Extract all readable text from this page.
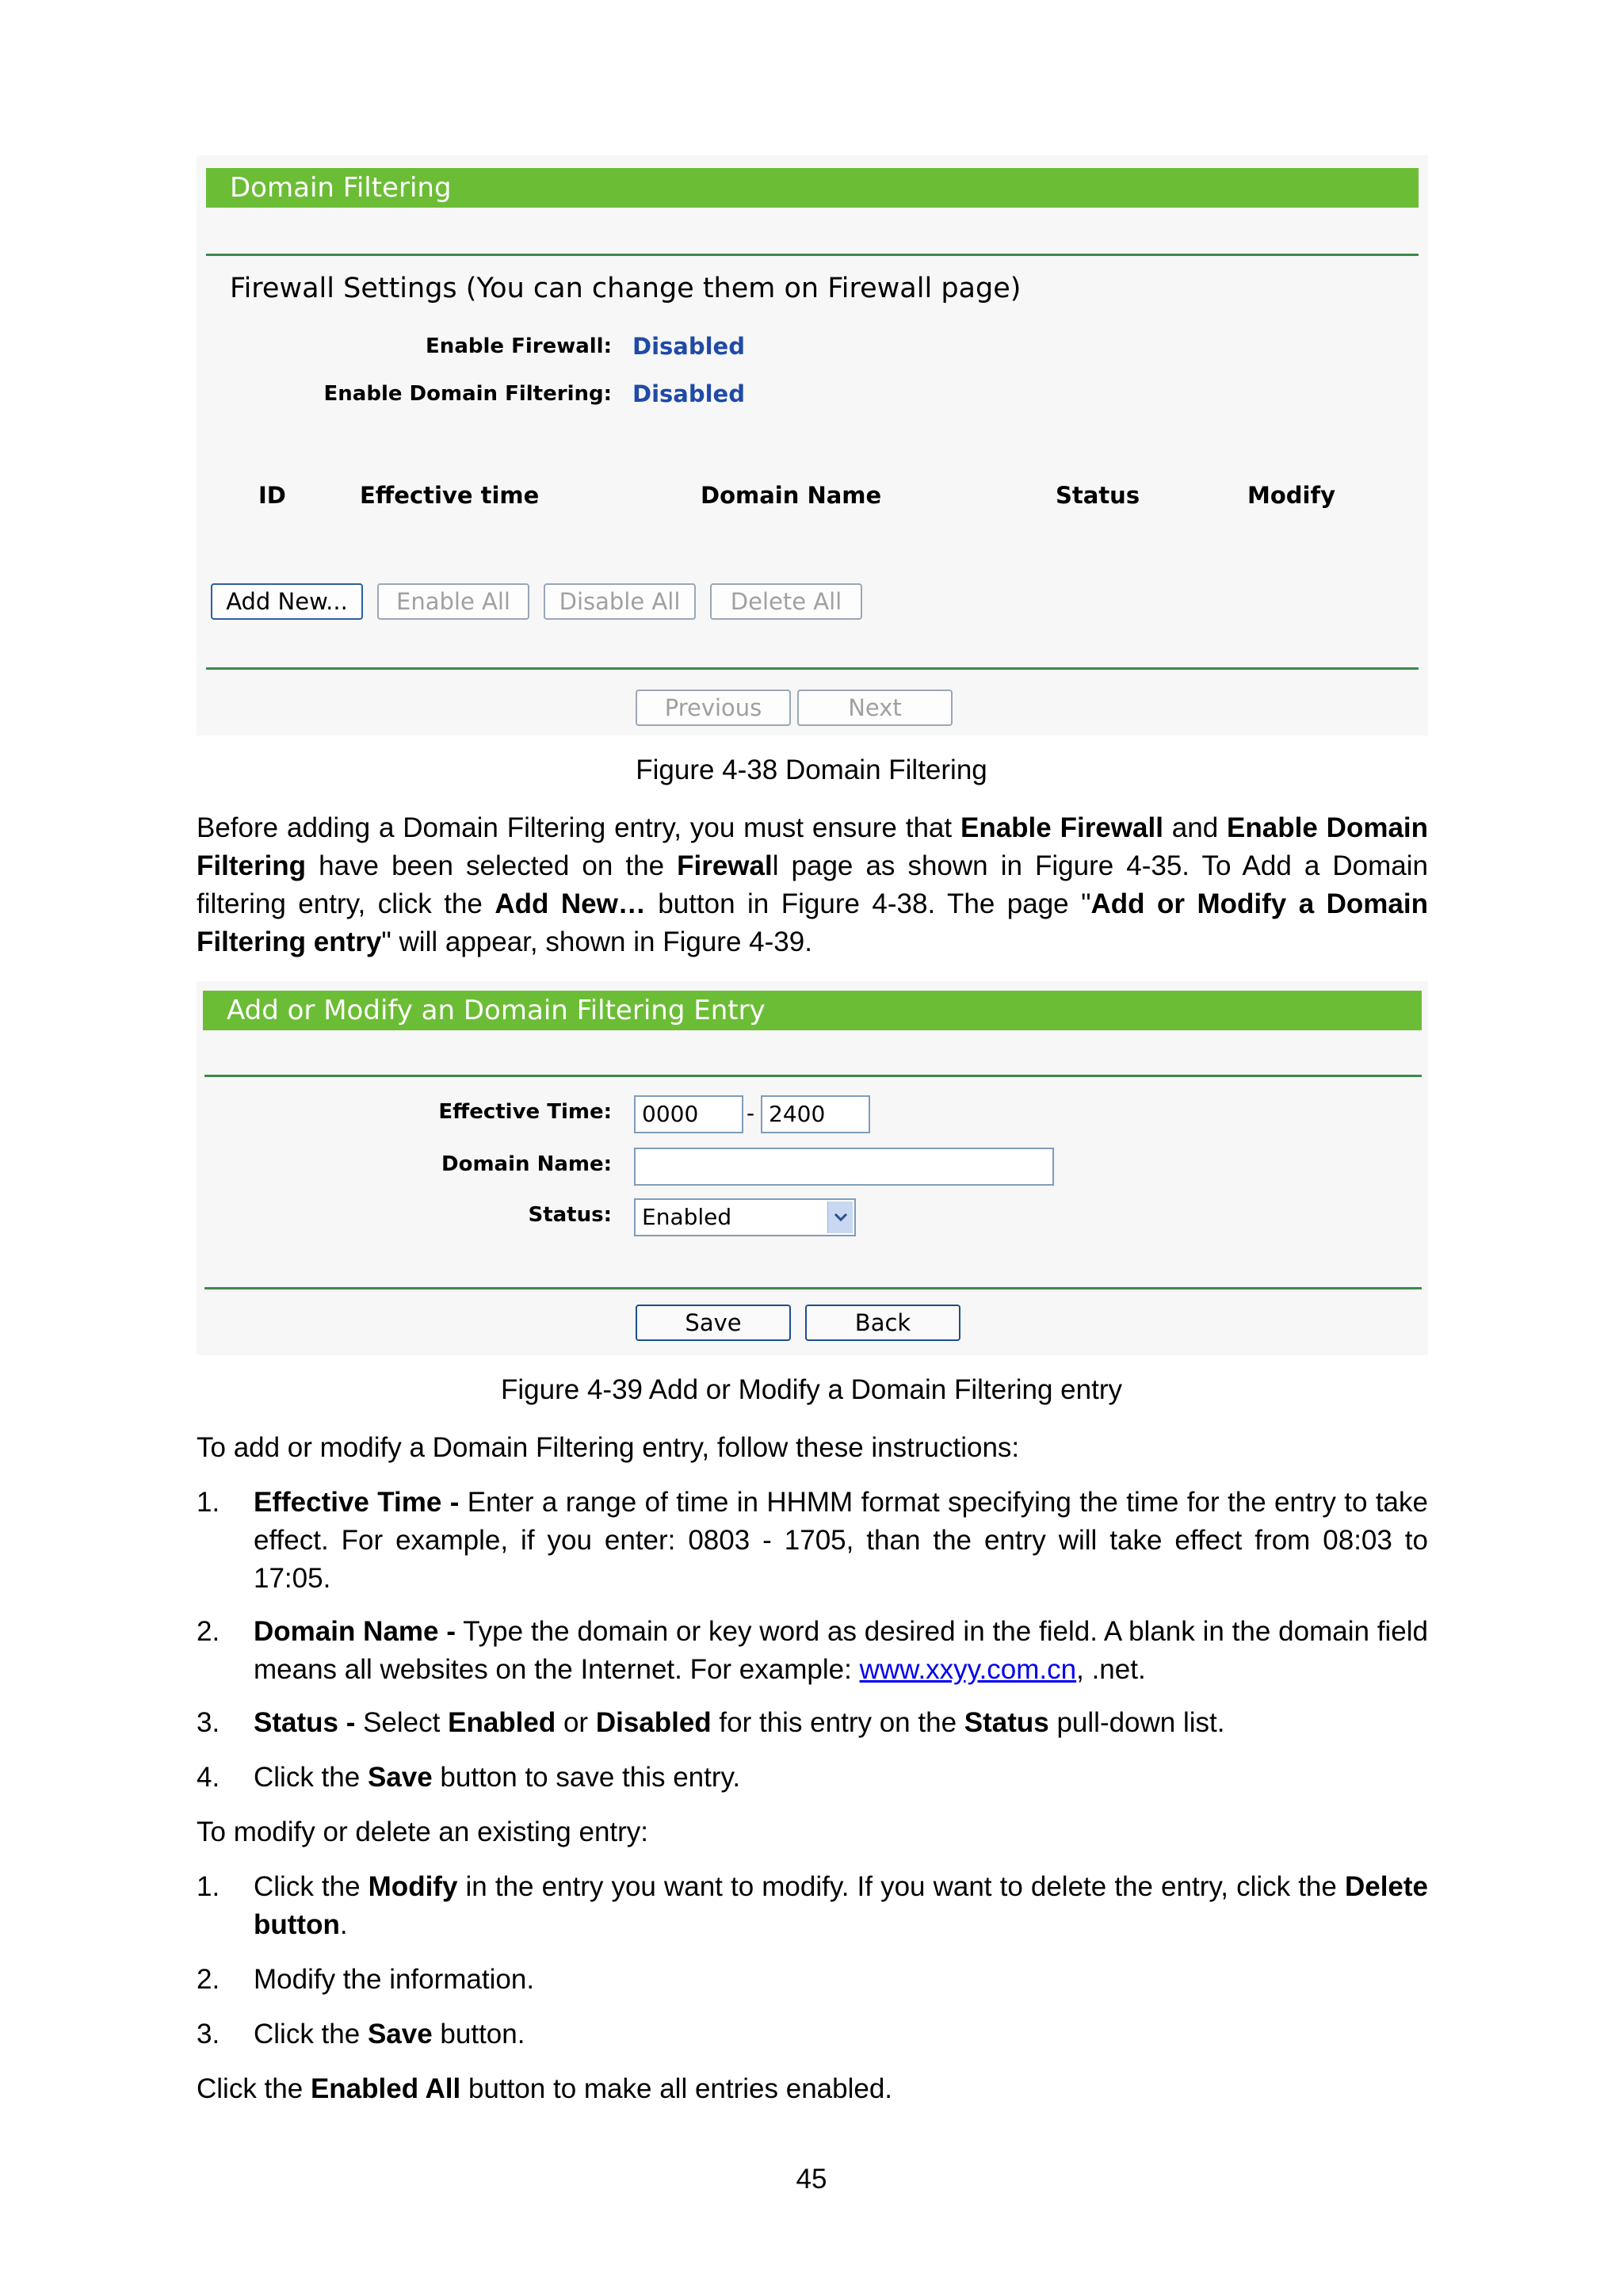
Domain Filtering
Firewall Settings (You can change them on Firewall page)
Enable Firewall: Disabled
Enable Domain Filtering: Disabled
ID	Effective time	Domain Name	Status	Modify
Add New...	Enable All	Disable All	Delete All
Previous	Next
Figure 4-38 Domain Filtering
Before adding a Domain Filtering entry, you must ensure that Enable Firewall and Enable Domain Filtering have been selected on the Firewall page as shown in Figure 4-35. To Add a Domain filtering entry, click the Add New… button in Figure 4-38. The page "Add or Modify a Domain Filtering entry" will appear, shown in Figure 4-39.
Add or Modify an Domain Filtering Entry
Effective Time:	0000	- 2400
Domain Name:
Status:	Enabled
Save	Back
Figure 4-39 Add or Modify a Domain Filtering entry
To add or modify a Domain Filtering entry, follow these instructions:
1. Effective Time - Enter a range of time in HHMM format specifying the time for the entry to take effect. For example, if you enter: 0803 - 1705, than the entry will take effect from 08:03 to 17:05.
2. Domain Name - Type the domain or key word as desired in the field. A blank in the domain field means all websites on the Internet. For example: www.xxyy.com.cn, .net.
3. Status - Select Enabled or Disabled for this entry on the Status pull-down list.
4. Click the Save button to save this entry.
To modify or delete an existing entry:
1. Click the Modify in the entry you want to modify. If you want to delete the entry, click the Delete button.
2. Modify the information.
3. Click the Save button.
Click the Enabled All button to make all entries enabled.
45
